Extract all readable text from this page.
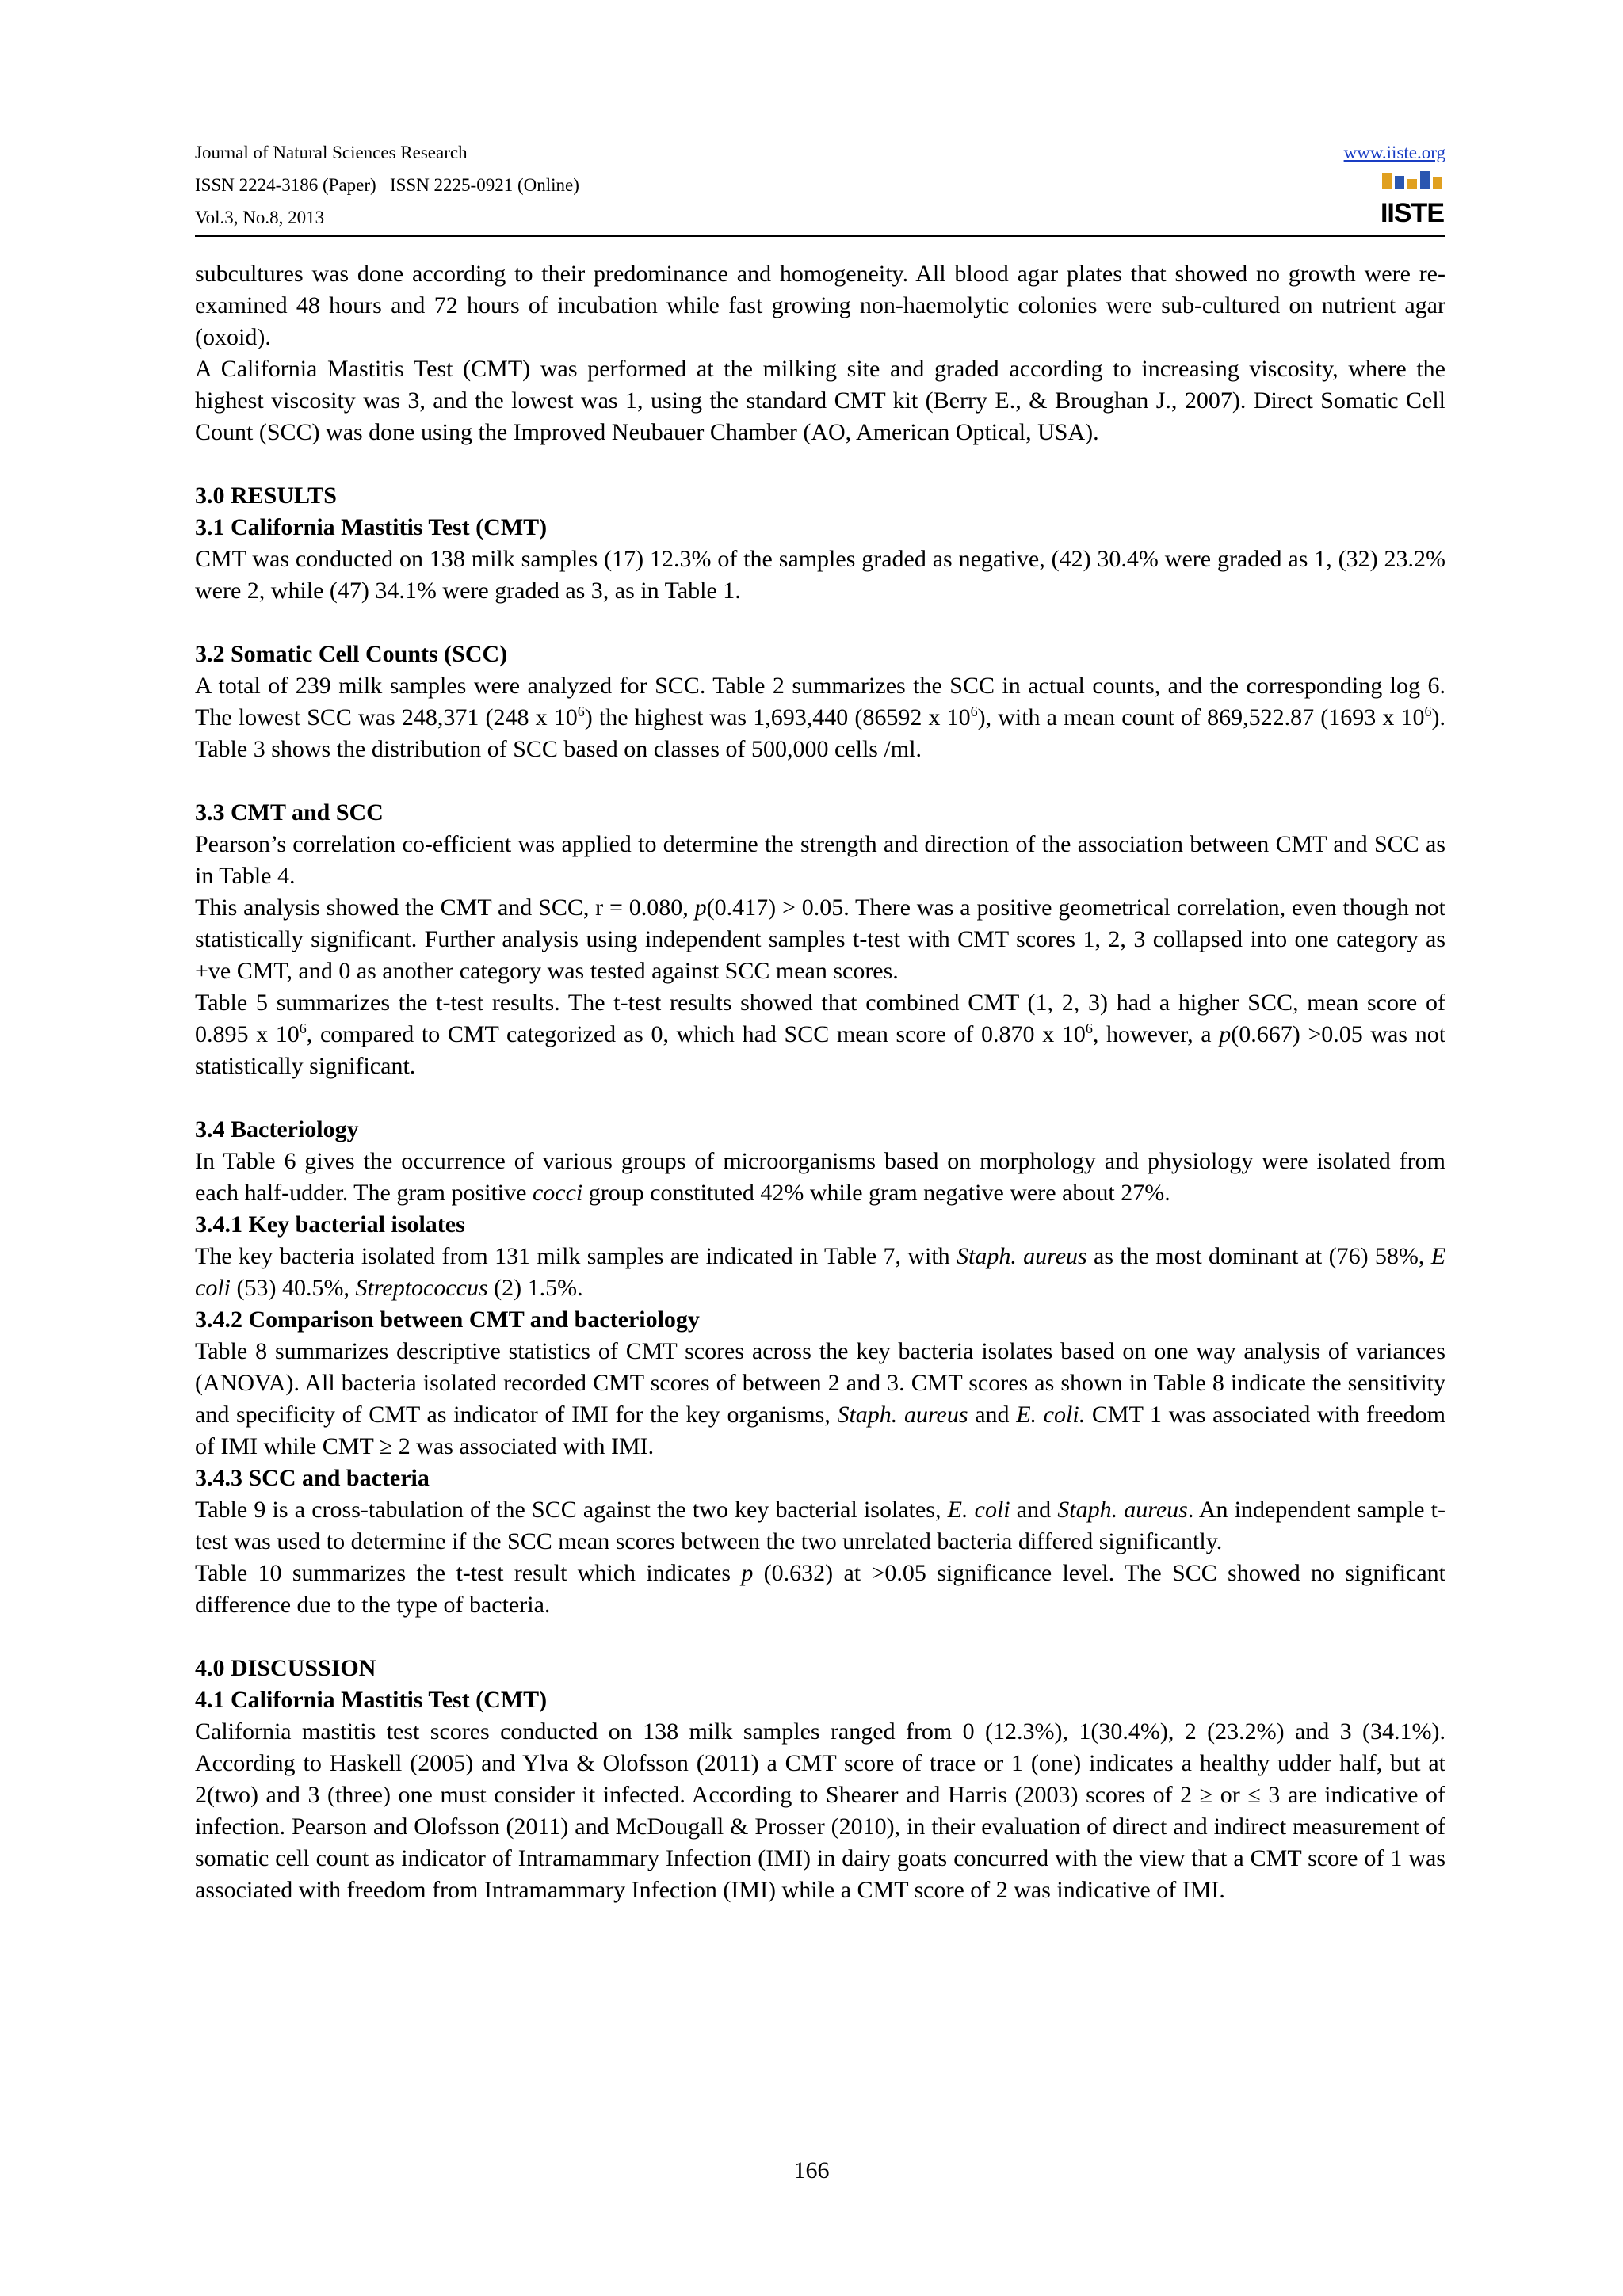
Journal of Natural Sciences Research
ISSN 2224-3186 (Paper)   ISSN 2225-0921 (Online)
Vol.3, No.8, 2013
www.iiste.org
IISTE

subcultures was done according to their predominance and homogeneity. All blood agar plates that showed no growth were re-examined 48 hours and 72 hours of incubation while fast growing non-haemolytic colonies were sub-cultured on nutrient agar (oxoid).

A California Mastitis Test (CMT) was performed at the milking site and graded according to increasing viscosity, where the highest viscosity was 3, and the lowest was 1, using the standard CMT kit (Berry E., & Broughan J., 2007). Direct Somatic Cell Count (SCC) was done using the Improved Neubauer Chamber (AO, American Optical, USA).

3.0 RESULTS

3.1 California Mastitis Test (CMT)

CMT was conducted on 138 milk samples (17) 12.3% of the samples graded as negative, (42) 30.4% were graded as 1, (32) 23.2% were 2, while (47) 34.1% were graded as 3, as in Table 1.

3.2 Somatic Cell Counts (SCC)

A total of 239 milk samples were analyzed for SCC. Table 2 summarizes the SCC in actual counts, and the corresponding log 6. The lowest SCC was 248,371 (248 x $10^6$) the highest was 1,693,440 (86592 x $10^6$), with a mean count of 869,522.87 (1693 x $10^6$). Table 3 shows the distribution of SCC based on classes of 500,000 cells /ml.

3.3 CMT and SCC

Pearson’s correlation co-efficient was applied to determine the strength and direction of the association between CMT and SCC as in Table 4.

This analysis showed the CMT and SCC, r = 0.080, p(0.417) > 0.05. There was a positive geometrical correlation, even though not statistically significant. Further analysis using independent samples t-test with CMT scores 1, 2, 3 collapsed into one category as +ve CMT, and 0 as another category was tested against SCC mean scores.

Table 5 summarizes the t-test results. The t-test results showed that combined CMT (1, 2, 3) had a higher SCC, mean score of 0.895 x $10^6$, compared to CMT categorized as 0, which had SCC mean score of 0.870 x $10^6$, however, a p(0.667) >0.05 was not statistically significant.

3.4 Bacteriology

In Table 6 gives the occurrence of various groups of microorganisms based on morphology and physiology were isolated from each half-udder. The gram positive cocci group constituted 42% while gram negative were about 27%.

3.4.1 Key bacterial isolates

The key bacteria isolated from 131 milk samples are indicated in Table 7, with Staph. aureus as the most dominant at (76) 58%, E coli (53) 40.5%, Streptococcus (2) 1.5%.

3.4.2 Comparison between CMT and bacteriology

Table 8 summarizes descriptive statistics of CMT scores across the key bacteria isolates based on one way analysis of variances (ANOVA). All bacteria isolated recorded CMT scores of between 2 and 3. CMT scores as shown in Table 8 indicate the sensitivity and specificity of CMT as indicator of IMI for the key organisms, Staph. aureus and E. coli. CMT 1 was associated with freedom of IMI while CMT ≥ 2 was associated with IMI.

3.4.3 SCC and bacteria

Table 9 is a cross-tabulation of the SCC against the two key bacterial isolates, E. coli and Staph. aureus. An independent sample t-test was used to determine if the SCC mean scores between the two unrelated bacteria differed significantly.

Table 10 summarizes the t-test result which indicates p (0.632) at >0.05 significance level. The SCC showed no significant difference due to the type of bacteria.

4.0 DISCUSSION

4.1 California Mastitis Test (CMT)

California mastitis test scores conducted on 138 milk samples ranged from 0 (12.3%), 1(30.4%), 2 (23.2%) and 3 (34.1%). According to Haskell (2005) and Ylva & Olofsson (2011) a CMT score of trace or 1 (one) indicates a healthy udder half, but at 2(two) and 3 (three) one must consider it infected. According to Shearer and Harris (2003) scores of 2 ≥ or ≤ 3 are indicative of infection. Pearson and Olofsson (2011) and McDougall & Prosser (2010), in their evaluation of direct and indirect measurement of somatic cell count as indicator of Intramammary Infection (IMI) in dairy goats concurred with the view that a CMT score of 1 was associated with freedom from Intramammary Infection (IMI) while a CMT score of 2 was indicative of IMI.

166
